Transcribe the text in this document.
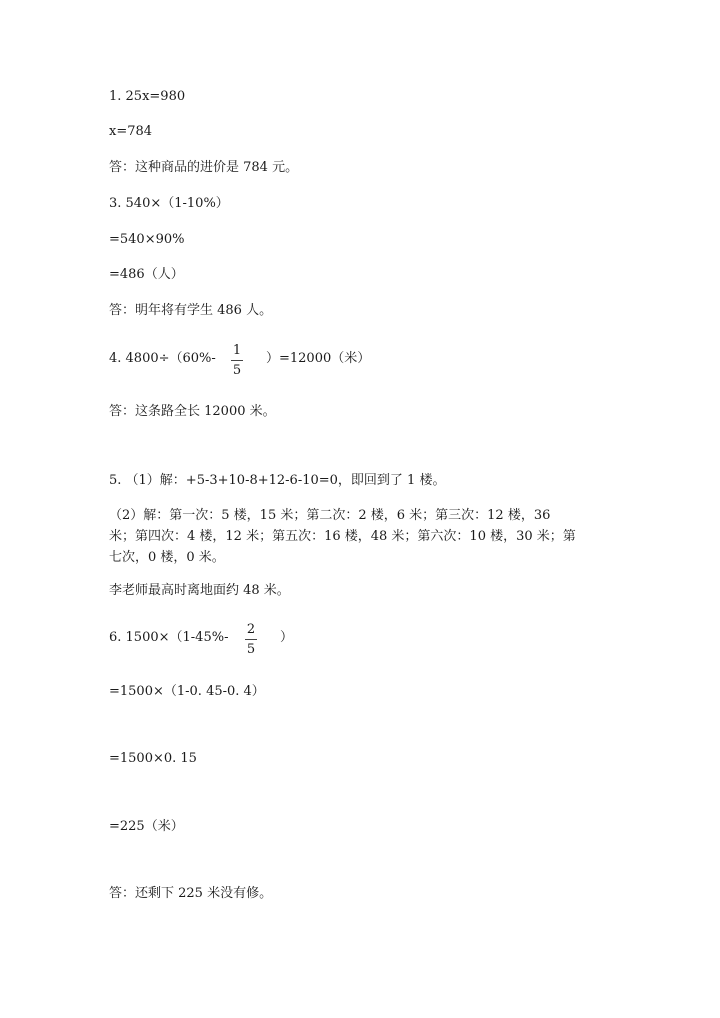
1. 25x=980
x=784
答：这种商品的进价是 784 元。
3. 540×（1-10%）
=540×90%
=486（人）
答：明年将有学生 486 人。
4. 4800÷（60%-
1
5
）=12000（米）
答：这条路全长 12000 米。
5. （1）解：+5-3+10-8+12-6-10=0，即回到了 1 楼。
（2）解：第一次：5 楼，15 米；第二次：2 楼，6 米；第三次：12 楼，36 米；第四次：4 楼，12 米；第五次：16 楼，48 米；第六次：10 楼，30 米；第七次，0 楼，0 米。
李老师最高时离地面约 48 米。
6. 1500×（1-45%-
2
5
）
=1500×（1-0. 45-0. 4）
=1500×0. 15
=225（米）
答：还剩下 225 米没有修。
